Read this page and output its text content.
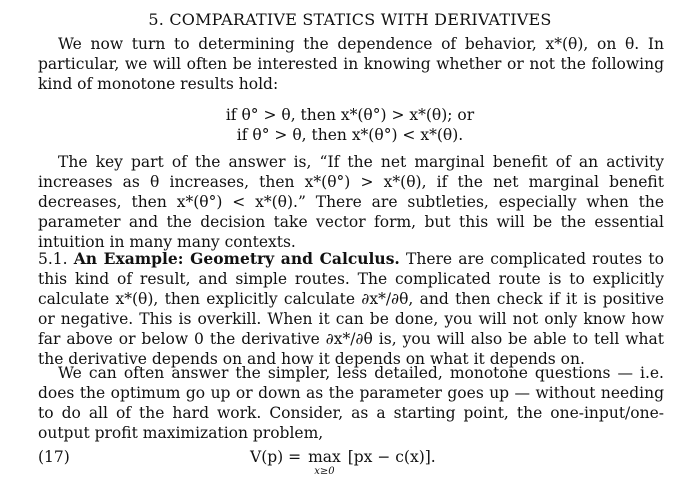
5. COMPARATIVE STATICS WITH DERIVATIVES

We now turn to determining the dependence of behavior, x*(θ), on θ. In particular, we will often be interested in knowing whether or not the following kind of monotone results hold:

if θ° > θ, then x*(θ°) > x*(θ); or
if θ° > θ, then x*(θ°) < x*(θ).

The key part of the answer is, “If the net marginal benefit of an activity increases as θ increases, then x*(θ°) > x*(θ), if the net marginal benefit decreases, then x*(θ°) < x*(θ).” There are subtleties, especially when the parameter and the decision take vector form, but this will be the essential intuition in many many contexts.

5.1. An Example: Geometry and Calculus. There are complicated routes to this kind of result, and simple routes. The complicated route is to explicitly calculate x*(θ), then explicitly calculate ∂x*/∂θ, and then check if it is positive or negative. This is overkill. When it can be done, you will not only know how far above or below 0 the derivative ∂x*/∂θ is, you will also be able to tell what the derivative depends on and how it depends on what it depends on.

We can often answer the simpler, less detailed, monotone questions — i.e. does the optimum go up or down as the parameter goes up — without needing to do all of the hard work. Consider, as a starting point, the one-input/one-output profit maximization problem,

(17)	V(p) = max
x≥0
[px − c(x)].
